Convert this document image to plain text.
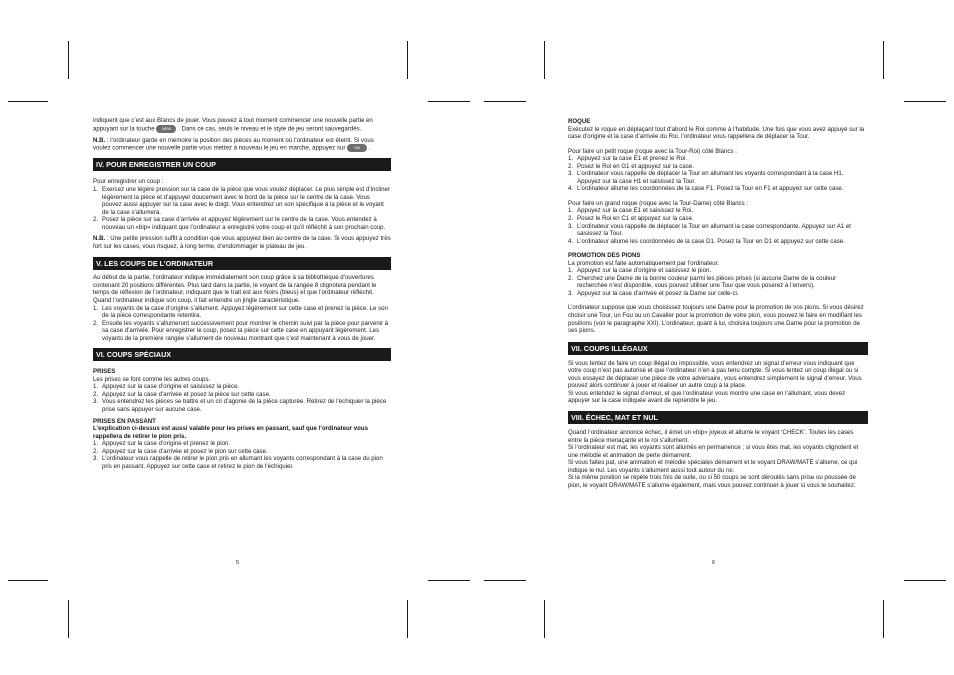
indiquent que c’est aux Blancs de jouer. Vous pouvez à tout moment commencer une nouvelle partie en appuyant sur la touche NEW . Dans ce cas, seuls le niveau et le style de jeu seront sauvegardés.

N.B. : l’ordinateur garde en mémoire la position des pièces au moment où l’ordinateur est éteint. Si vous voulez commencer une nouvelle partie vous mettez à nouveau le jeu en marche, appuyez sur ON .

IV. POUR ENREGISTRER UN COUP

Pour enregistrer un coup :

1. Exercez une légère pression sur la case de la pièce que vous voulez déplacer. Le plus simple est d’incliner légèrement la pièce et d’appuyer doucement avec le bord de la pièce sur le centre de la case. Vous pouvez aussi appuyer sur la case avec le doigt. Vous entendrez un son spécifique à la pièce et le voyant de la case s’allumera.
2. Posez la pièce sur sa case d’arrivée et appuyez légèrement sur le centre de la case. Vous entendez à nouveau un «bip» indiquant que l’ordinateur a enregistré votre coup et qu’il réfléchit à son prochain coup.

N.B. : Une petite pression suffit à condition que vous appuyiez bien au centre de la case. Si vous appuyez très fort sur les cases, vous risquez, à long terme, d’endommager le plateau de jeu.

V. LES COUPS DE L’ORDINATEUR

Au début de la partie, l’ordinateur indique immédiatement son coup grâce à sa bibliothèque d’ouvertures contenant 20 positions différentes. Plus tard dans la partie, le voyant de la rangée 8 clignotera pendant le temps de réflexion de l’ordinateur, indiquant que le trait est aux Noirs (bleus) et que l’ordinateur réfléchit.

Quand l’ordinateur indique son coup, il fait entendre un jingle caractéristique.

1. Les voyants de la case d’origine s’allument. Appuyez légèrement sur cette case et prenez la pièce. Le son de la pièce correspondante retentira.
2. Ensuite les voyants s’allumeront successivement pour montrer le chemin suivi par la pièce pour parvenir à sa case d’arrivée. Pour enregistrer le coup, posez la pièce sur cette case en appuyant légèrement. Les voyants de la première rangée s’allument de nouveau montrant que c’est maintenant à vous de jouer.
VI. COUPS SPÉCIAUX

PRISES

Les prises se font comme les autres coups.

1. Appuyez sur la case d’origine et saisissez la pièce.
2. Appuyez sur la case d’arrivée et posez la pièce sur cette case.
3. Vous entendrez les pièces se battre et un cri d’agonie de la pièce capturée. Retirez de l’échiquier la pièce prise sans appuyer sur aucune case.

PRISES EN PASSANT

L’explication ci-dessus est aussi valable pour les prises en passant, sauf que l’ordinateur vous rappellera de retirer le pion pris.

1. Appuyez sur la case d’origine et prenez le pion.
2. Appuyez sur la case d’arrivée et posez le pion sur cette case.
3. L’ordinateur vous rappelle de retirer le pion pris en allumant les voyants correspondant à la case du pion pris en passant. Appuyez sur cette case et retirez le pion de l’échiquier.
5

ROQUE

Exécutez le roque en déplaçant tout d’abord le Roi comme à l’habitude. Une fois que vous avez appuyé sur la case d’origine et la case d’arrivée du Roi, l’ordinateur vous rappellera de déplacer la Tour.

Pour faire un petit roque (roque avec la Tour-Roi) côté Blancs :

1. Appuyez sur la case E1 et prenez le Roi.
2. Posez le Roi en G1 et appuyez sur la case.
3. L’ordinateur vous rappelle de déplacer la Tour en allumant les voyants correspondant à la case H1. Appuyez sur la case H1 et saisissez la Tour.
4. L’ordinateur allume les coordonnées de la case F1. Posez la Tour en F1 et appuyez sur cette case.

Pour faire un grand roque (roque avec la Tour-Dame) côté Blancs :

1. Appuyez sur la case E1 et saisissez le Roi.
2. Posez le Roi en C1 et appuyez sur la case.
3. L’ordinateur vous rappelle de déplacer la Tour en allumant la case correspondante. Appuyez sur A1 et saisissez la Tour.
4. L’ordinateur allume les coordonnées de la case D1. Posez la Tour en D1 et appuyez sur cette case.

PROMOTION DES PIONS

La promotion est faite automatiquement par l’ordinateur.

1. Appuyez sur la case d’origine et saisissez le pion.
2. Cherchez une Dame de la bonne couleur parmi les pièces prises (si aucune Dame de la couleur recherchée n’est disponible, vous pouvez utiliser une Tour que vous poserez à l’envers).
3. Appuyez sur la case d’arrivée et posez la Dame sur celle-ci.

L’ordinateur suppose que vous choisissez toujours une Dame pour la promotion de vos pions. Si vous désirez choisir une Tour, un Fou ou un Cavalier pour la promotion de votre pion, vous pouvez le faire en modifiant les positions (voir le paragraphe XXI). L’ordinateur, quant à lui, choisira toujours une Dame pour la promotion de ses pions.

VII. COUPS ILLÉGAUX

Si vous tentez de faire un coup illégal ou impossible, vous entendrez un signal d’erreur vous indiquant que votre coup n’est pas autorisé et que l’ordinateur n’en a pas tenu compte. Si vous tentez un coup illégal ou si vous essayez de déplacer une pièce de votre adversaire, vous entendrez simplement le signal d’erreur. Vous pouvez alors continuer à jouer et réaliser un autre coup à la place.

Si vous entendez le signal d’erreur, et que l’ordinateur vous montre une case en l’allumant, vous devez appuyer sur la case indiquée avant de reprendre le jeu.

VIII. ÉCHEC, MAT ET NUL

Quand l’ordinateur annonce échec, il émet un «bip» joyeux et allume le voyant ‘CHECK’. Toutes les cases entre la pièce menaçante et le roi s’allument.

Si l’ordinateur est mat, les voyants sont allumés en permanence ; si vous êtes mat, les voyants clignotent et une mélodie et animation de perte démarrent.

Si vous faites pat, une animation et mélodie spéciales démarrent et le voyant DRAW/MATE s’allume, ce qui indique le nul. Les voyants s’allument aussi tout autour du roi.

Si la même position se répète trois fois de suite, ou si 50 coups se sont déroulés sans prise ou poussée de pion, le voyant DRAW/MATE s’allume également, mais vous pouvez continuer à jouer si vous le souhaitez.

6
